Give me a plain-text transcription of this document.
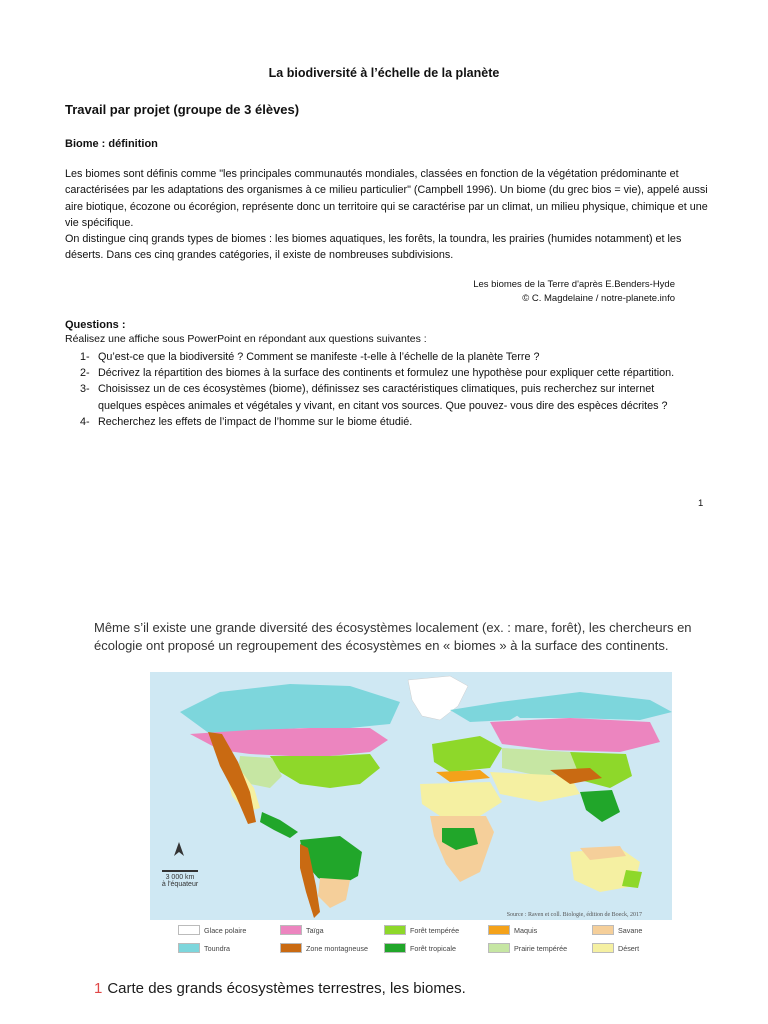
La biodiversité à l’échelle de la planète
Travail par projet (groupe de 3 élèves)
Biome : définition

Les biomes sont définis comme "les principales communautés mondiales, classées en fonction de la végétation prédominante et caractérisées par les adaptations des organismes à ce milieu particulier" (Campbell 1996). Un biome (du grec bios = vie), appelé aussi aire biotique, écozone ou écorégion, représente donc un territoire qui se caractérise par un climat, un milieu physique, chimique et une vie spécifique.

On distingue cinq grands types de biomes : les biomes aquatiques, les forêts, la toundra, les prairies (humides notamment) et les déserts. Dans ces cinq grandes catégories, il existe de nombreuses subdivisions.

Les biomes de la Terre d'après E.Benders-Hyde
© C. Magdelaine / notre-planete.info
Questions :
Réalisez une affiche sous PowerPoint en répondant aux questions suivantes :
1- Qu’est-ce que la biodiversité ? Comment se manifeste -t-elle à l’échelle de la planète Terre ?
2- Décrivez la répartition des biomes à la surface des continents et formulez une hypothèse pour expliquer cette répartition.
3- Choisissez un de ces écosystèmes (biome), définissez ses caractéristiques climatiques, puis recherchez sur internet quelques espèces animales et végétales y vivant, en citant vos sources. Que pouvez- vous dire des espèces décrites ?
4- Recherchez les effets de l’impact de l’homme sur le biome étudié.
1
Même s’il existe une grande diversité des écosystèmes localement (ex. : mare, forêt), les chercheurs en écologie ont proposé un regroupement des écosystèmes en « biomes » à la surface des continents.
3 000 km
à l'équateur
Source : Raven et coll. Biologie, édition de Boeck, 2017
Glace polaire
Toundra
Taïga
Zone montagneuse
Forêt tempérée
Forêt tropicale
Maquis
Prairie tempérée
Savane
Désert
1 Carte des grands écosystèmes terrestres, les biomes.
